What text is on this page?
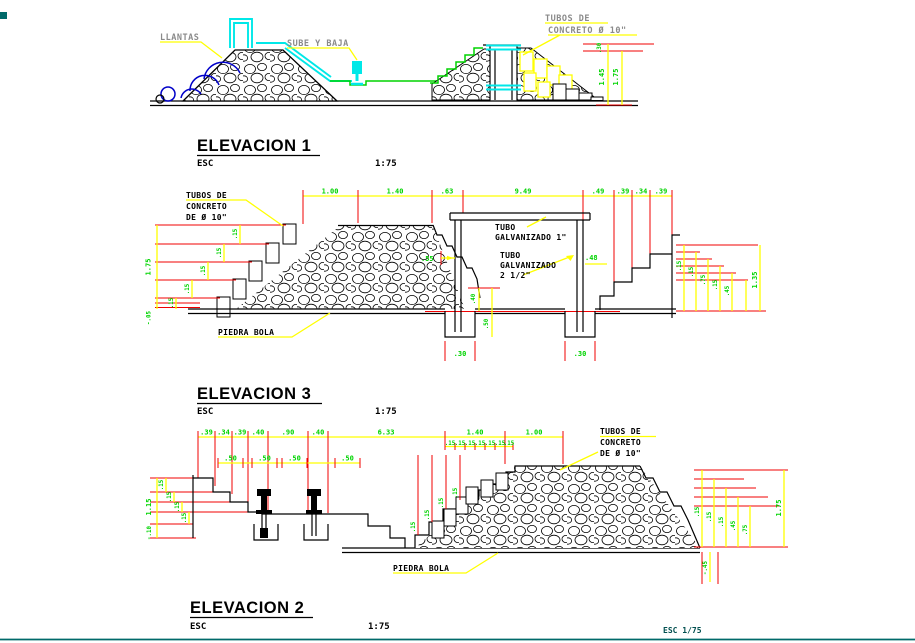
ESC 1/75
.30
1.45 1.75
LLANTAS
SUBE Y BAJA
TUBOS DE
CONCRETO Ø 10"
ELEVACION 1
ESC	1:75
1.00	1.40	.63	9.49	.49 .39 .34 .39
1.75
.15
.15
.15
.15
.15
-.05
TUBO
GALVANIZADO 1"
TUBO
GALVANIZADO
2 1/2"
.55	.48
.30	.30
.40
.50
.15
.15
.75 .15
.45
1.35
TUBOS DE
CONCRETO
DE Ø 10"
PIEDRA BOLA
ELEVACION 3
ESC	1:75
.39 .34 .39 .40 .90 .40	6.33	1.40	1.00
.50	.50 .50	.50
.15 .15 .15 .15 .15 .15
.15
1.15
.15
.15
.15
.15
-.10	.15
.15
.15
.15
.15 .15 .15 .45 .75
1.75
-.45
TUBOS DE
CONCRETO
DE Ø 10"
PIEDRA BOLA
ELEVACION 2
ESC	1:75
